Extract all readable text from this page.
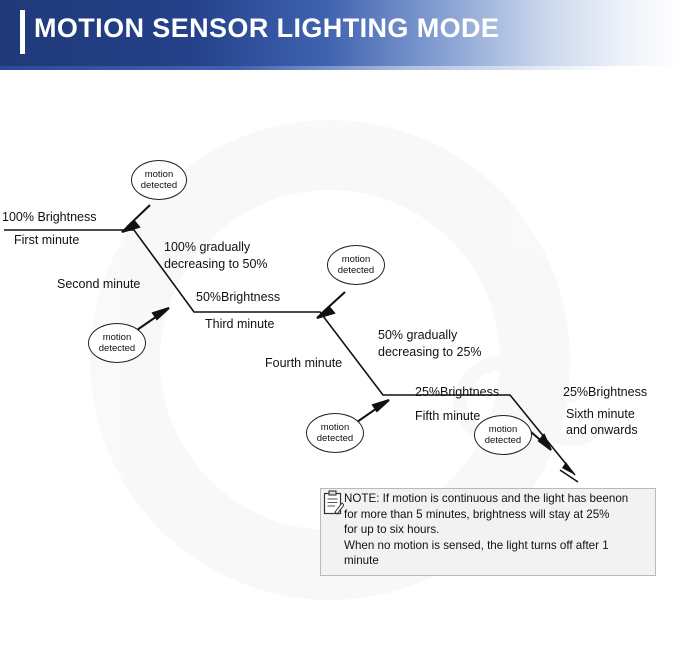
MOTION SENSOR LIGHTING MODE
100% Brightness
First minute	100% gradually
decreasing to 50%
Second minute
50%Brightness
Third minute
50% gradually
decreasing to 25%
Fourth minute
25%Brightness
Fifth minute
25%Brightness
Sixth minute
and onwards
motion
detected
motion
detected
motion
detected
motion
detected
motion
detected
NOTE: If motion is continuous and the light has beenon
for more than 5 minutes, brightness will stay at 25%
for up to six hours.
When no motion is sensed, the light turns off after 1
minute
